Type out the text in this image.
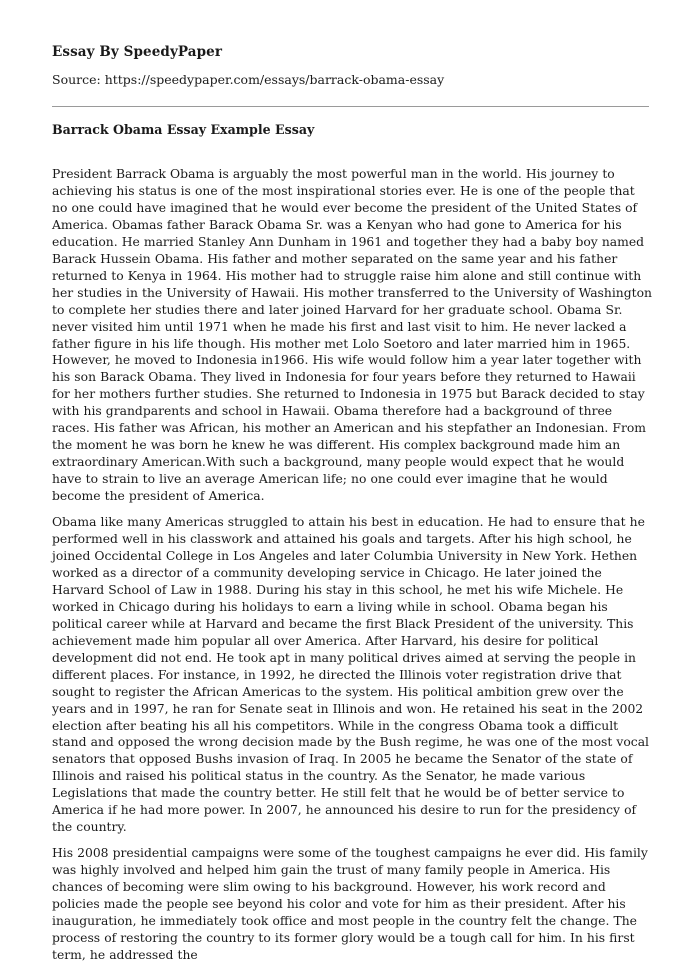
Essay By SpeedyPaper
Source: https://speedypaper.com/essays/barrack-obama-essay
Barrack Obama Essay Example Essay

President Barrack Obama is arguably the most powerful man in the world. His journey to achieving his status is one of the most inspirational stories ever. He is one of the people that no one could have imagined that he would ever become the president of the United States of America. Obamas father Barack Obama Sr. was a Kenyan who had gone to America for his education. He married Stanley Ann Dunham in 1961 and together they had a baby boy named Barack Hussein Obama. His father and mother separated on the same year and his father returned to Kenya in 1964. His mother had to struggle raise him alone and still continue with her studies in the University of Hawaii. His mother transferred to the University of Washington to complete her studies there and later joined Harvard for her graduate school. Obama Sr. never visited him until 1971 when he made his first and last visit to him. He never lacked a father figure in his life though. His mother met Lolo Soetoro and later married him in 1965. However, he moved to Indonesia in1966. His wife would follow him a year later together with his son Barack Obama. They lived in Indonesia for four years before they returned to Hawaii for her mothers further studies. She returned to Indonesia in 1975 but Barack decided to stay with his grandparents and school in Hawaii. Obama therefore had a background of three races. His father was African, his mother an American and his stepfather an Indonesian. From the moment he was born he knew he was different. His complex background made him an extraordinary American.With such a background, many people would expect that he would have to strain to live an average American life; no one could ever imagine that he would become the president of America.

Obama like many Americas struggled to attain his best in education. He had to ensure that he performed well in his classwork and attained his goals and targets. After his high school, he joined Occidental College in Los Angeles and later Columbia University in New York. Hethen worked as a director of a community developing service in Chicago. He later joined the Harvard School of Law in 1988. During his stay in this school, he met his wife Michele. He worked in Chicago during his holidays to earn a living while in school. Obama began his political career while at Harvard and became the first Black President of the university. This achievement made him popular all over America. After Harvard, his desire for political development did not end. He took apt in many political drives aimed at serving the people in different places. For instance, in 1992, he directed the Illinois voter registration drive that sought to register the African Americas to the system. His political ambition grew over the years and in 1997, he ran for Senate seat in Illinois and won. He retained his seat in the 2002 election after beating his all his competitors. While in the congress Obama took a difficult stand and opposed the wrong decision made by the Bush regime, he was one of the most vocal senators that opposed Bushs invasion of Iraq. In 2005 he became the Senator of the state of Illinois and raised his political status in the country. As the Senator, he made various Legislations that made the country better. He still felt that he would be of better service to America if he had more power. In 2007, he announced his desire to run for the presidency of the country.

His 2008 presidential campaigns were some of the toughest campaigns he ever did. His family was highly involved and helped him gain the trust of many family people in America. His chances of becoming were slim owing to his background. However, his work record and policies made the people see beyond his color and vote for him as their president. After his inauguration, he immediately took office and most people in the country felt the change. The process of restoring the country to its former glory would be a tough call for him. In his first term, he addressed the
